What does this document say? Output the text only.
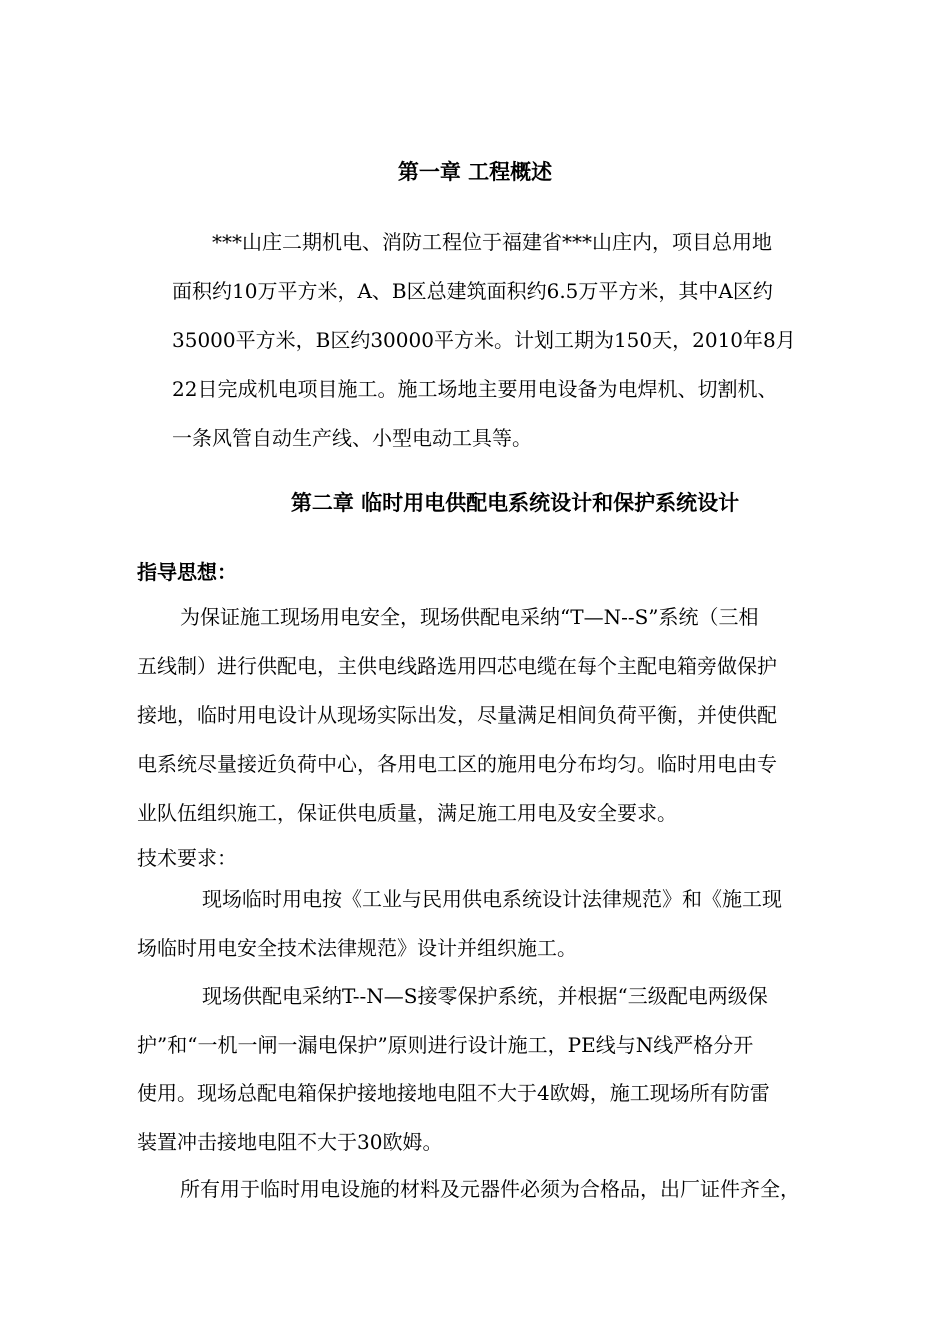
第一章 工程概述

　　***山庄二期机电、消防工程位于福建省***山庄内，项目总用地

面积约10万平方米，A、B区总建筑面积约6.5万平方米，其中A区约

35000平方米，B区约30000平方米。计划工期为150天，2010年8月

22日完成机电项目施工。施工场地主要用电设备为电焊机、切割机、

一条风管自动生产线、小型电动工具等。

第二章 临时用电供配电系统设计和保护系统设计

指导思想：

为保证施工现场用电安全，现场供配电采纳“T—N--S”系统（三相

五线制）进行供配电，主供电线路选用四芯电缆在每个主配电箱旁做保护

接地，临时用电设计从现场实际出发，尽量满足相间负荷平衡，并使供配

电系统尽量接近负荷中心，各用电工区的施用电分布均匀。临时用电由专

业队伍组织施工，保证供电质量，满足施工用电及安全要求。

技术要求：

　现场临时用电按《工业与民用供电系统设计法律规范》和《施工现

场临时用电安全技术法律规范》设计并组织施工。

　现场供配电采纳T--N—S接零保护系统，并根据“三级配电两级保

护”和“一机一闸一漏电保护”原则进行设计施工，PE线与N线严格分开

使用。现场总配电箱保护接地接地电阻不大于4欧姆，施工现场所有防雷

装置冲击接地电阻不大于30欧姆。

所有用于临时用电设施的材料及元器件必须为合格品，出厂证件齐全，
